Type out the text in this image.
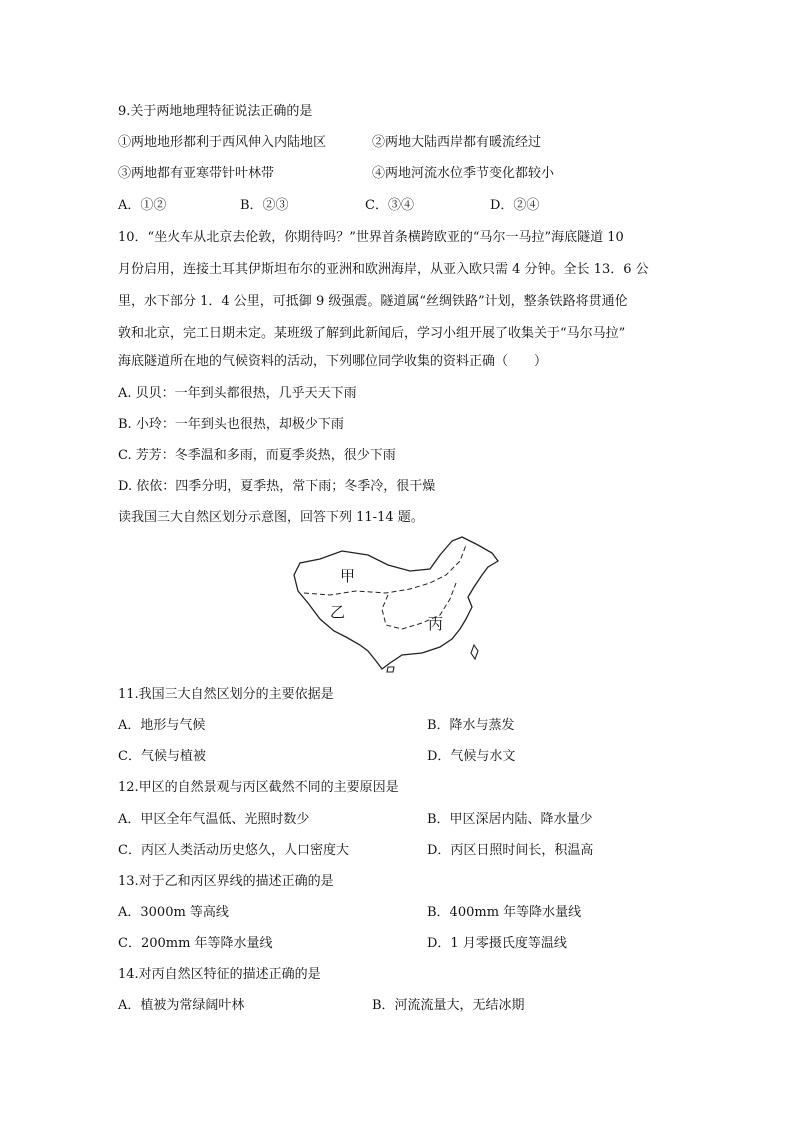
9.关于两地地理特征说法正确的是
①两地地形都利于西风伸入内陆地区	②两地大陆西岸都有暖流经过
③两地都有亚寒带针叶林带	④两地河流水位季节变化都较小
A．①②	B．②③	C．③④	D．②④
10．“坐火车从北京去伦敦，你期待吗？”世界首条横跨欧亚的“马尔一马拉”海底隧道 10
月份启用，连接土耳其伊斯坦布尔的亚洲和欧洲海岸，从亚入欧只需 4 分钟。全长 13．6 公
里，水下部分 1．4 公里，可抵御 9 级强震。隧道属“丝绸铁路”计划，整条铁路将贯通伦
敦和北京，完工日期未定。某班级了解到此新闻后，学习小组开展了收集关于“马尔马拉”
海底隧道所在地的气候资料的活动，下列哪位同学收集的资料正确（　　）
A. 贝贝：一年到头都很热，几乎天天下雨
B. 小玲：一年到头也很热，却极少下雨
C. 芳芳：冬季温和多雨，而夏季炎热，很少下雨
D. 依依：四季分明，夏季热，常下雨；冬季冷，很干燥
读我国三大自然区划分示意图，回答下列 11-14 题。
甲
乙
丙
11.我国三大自然区划分的主要依据是
A．地形与气候	B．降水与蒸发
C．气候与植被	D．气候与水文
12.甲区的自然景观与丙区截然不同的主要原因是
A．甲区全年气温低、光照时数少	B．甲区深居内陆、降水量少
C．丙区人类活动历史悠久，人口密度大	D．丙区日照时间长，积温高
13.对于乙和丙区界线的描述正确的是
A．3000m 等高线	B．400mm 年等降水量线
C．200mm 年等降水量线	D．1 月零摄氏度等温线
14.对丙自然区特征的描述正确的是
A．植被为常绿阔叶林	B．河流流量大，无结冰期
